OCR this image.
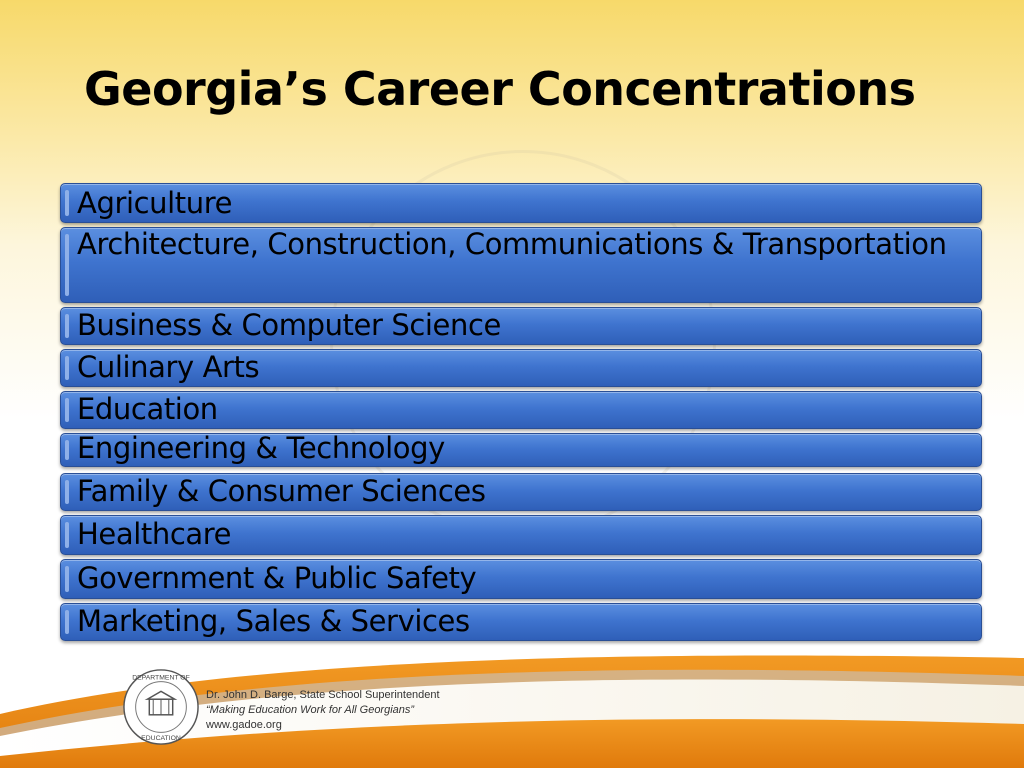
Georgia’s Career Concentrations
Agriculture
Architecture, Construction, Communications & Transportation
Business & Computer Science
Culinary Arts
Education
Engineering & Technology
Family & Consumer Sciences
Healthcare
Government & Public Safety
Marketing, Sales & Services
DEPARTMENT OF
EDUCATION
Dr. John D. Barge, State School Superintendent
“Making Education Work for All Georgians”
www.gadoe.org
